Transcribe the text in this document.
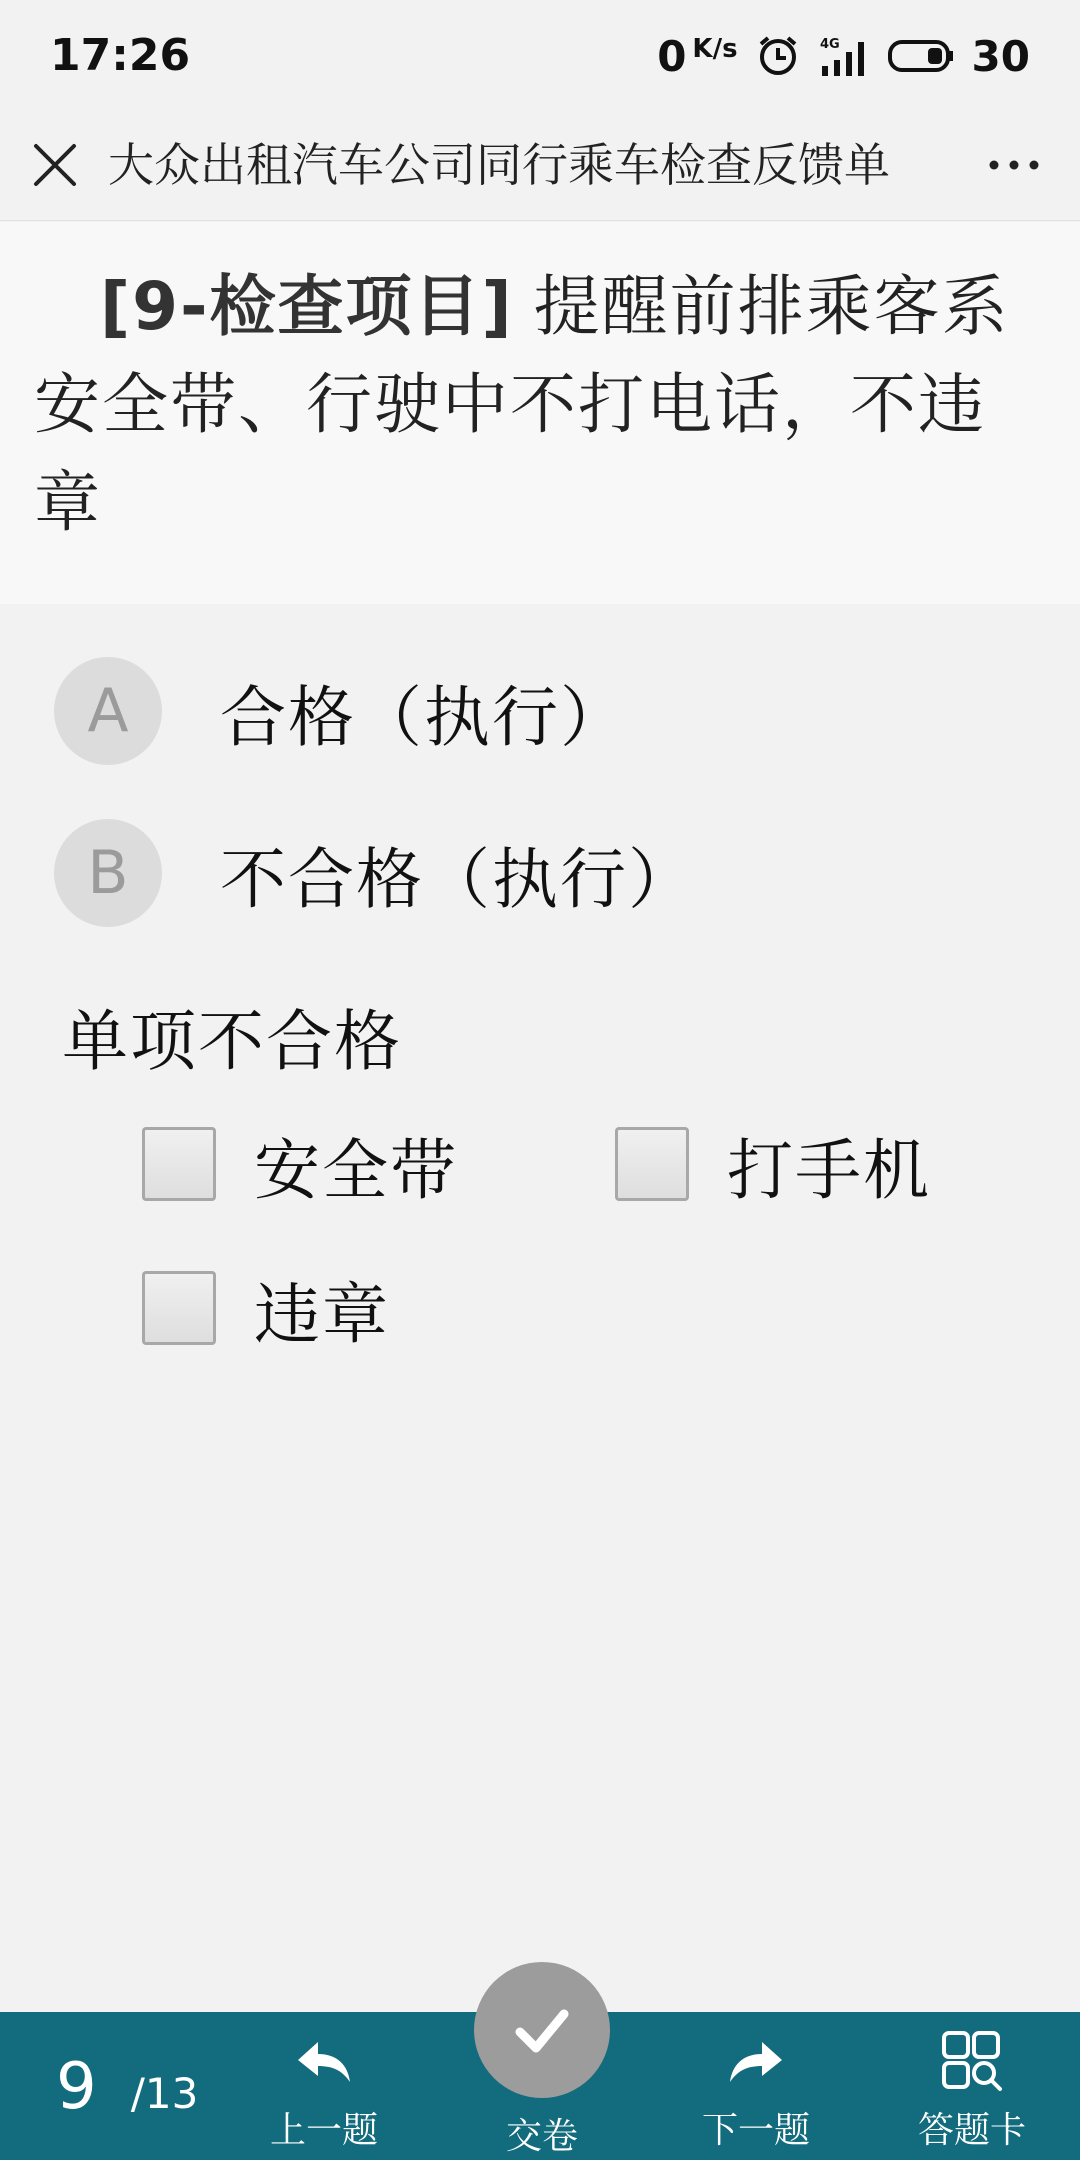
17:26	0 K/s	4G	30
大众出租汽车公司同行乘车检查反馈单
[9-检查项目] 提醒前排乘客系安全带、行驶中不打电话，不违章
A	合格（执行）
B	不合格（执行）
单项不合格
安全带	打手机
违章
9 /13
上一题	下一题	答题卡
交卷
